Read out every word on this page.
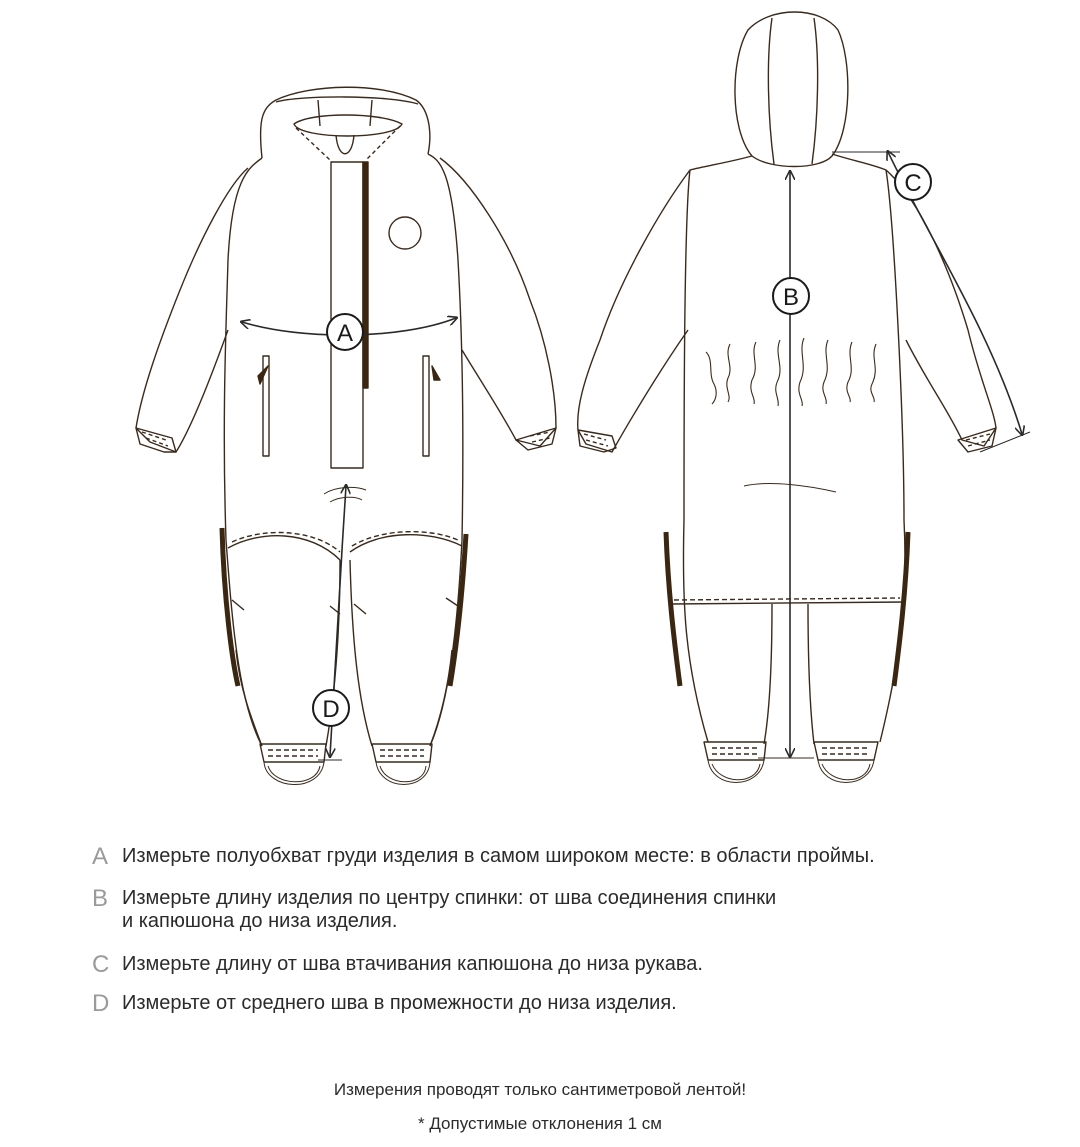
A
B
C
D
A Измерьте полуобхват груди изделия в самом широком месте: в области проймы.
B Измерьте длину изделия по центру спинки: от шва соединения спинки
и капюшона до низа изделия.
C Измерьте длину от шва втачивания капюшона до низа рукава.
D Измерьте от среднего шва в промежности до низа изделия.
Измерения проводят только сантиметровой лентой!
* Допустимые отклонения 1 см
